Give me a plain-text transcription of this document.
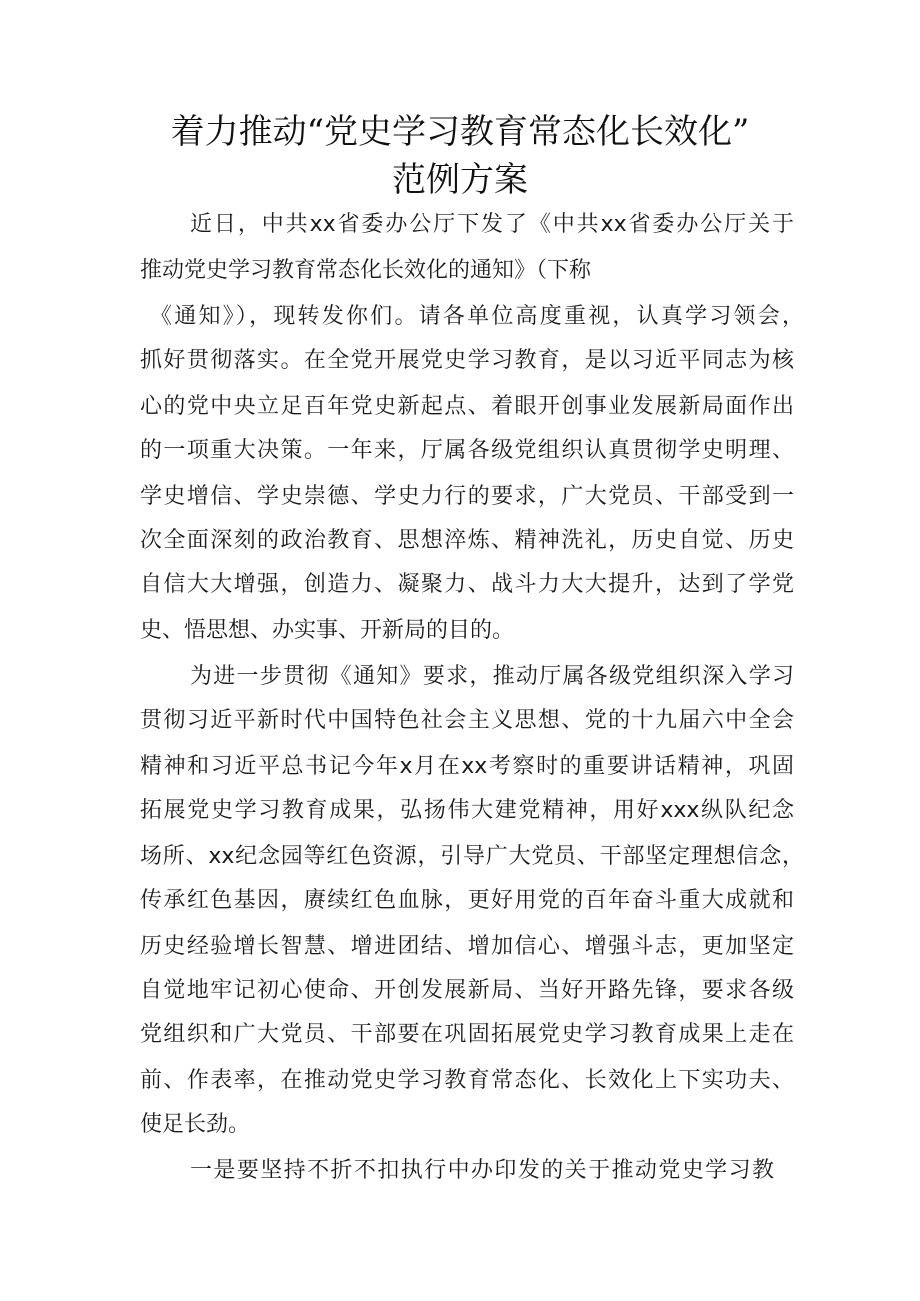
着力推动“党史学习教育常态化长效化”
范例方案
近日，中共xx省委办公厅下发了《中共xx省委办公厅关于
推动党史学习教育常态化长效化的通知》（下称
《通知》），现转发你们。请各单位高度重视，认真学习领会，
抓好贯彻落实。在全党开展党史学习教育，是以习近平同志为核
心的党中央立足百年党史新起点、着眼开创事业发展新局面作出
的一项重大决策。一年来，厅属各级党组织认真贯彻学史明理、
学史增信、学史崇德、学史力行的要求，广大党员、干部受到一
次全面深刻的政治教育、思想淬炼、精神洗礼，历史自觉、历史
自信大大增强，创造力、凝聚力、战斗力大大提升，达到了学党
史、悟思想、办实事、开新局的目的。
为进一步贯彻《通知》要求，推动厅属各级党组织深入学习
贯彻习近平新时代中国特色社会主义思想、党的十九届六中全会
精神和习近平总书记今年x月在xx考察时的重要讲话精神，巩固
拓展党史学习教育成果，弘扬伟大建党精神，用好xxx纵队纪念
场所、xx纪念园等红色资源，引导广大党员、干部坚定理想信念，
传承红色基因，赓续红色血脉，更好用党的百年奋斗重大成就和
历史经验增长智慧、增进团结、增加信心、增强斗志，更加坚定
自觉地牢记初心使命、开创发展新局、当好开路先锋，要求各级
党组织和广大党员、干部要在巩固拓展党史学习教育成果上走在
前、作表率，在推动党史学习教育常态化、长效化上下实功夫、
使足长劲。
一是要坚持不折不扣执行中办印发的关于推动党史学习教
